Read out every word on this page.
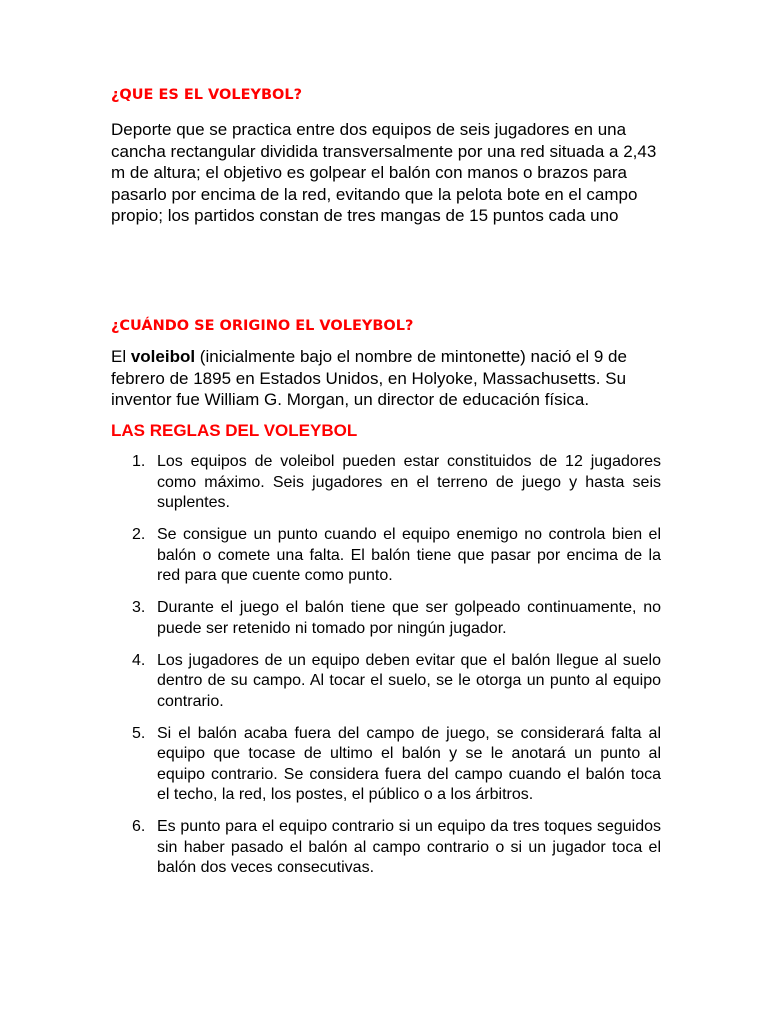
¿QUE ES EL VOLEYBOL?

Deporte que se practica entre dos equipos de seis jugadores en una cancha rectangular dividida transversalmente por una red situada a 2,43 m de altura; el objetivo es golpear el balón con manos o brazos para pasarlo por encima de la red, evitando que la pelota bote en el campo propio; los partidos constan de tres mangas de 15 puntos cada uno

¿CUÁNDO SE ORIGINO EL VOLEYBOL?

El voleibol (inicialmente bajo el nombre de mintonette) nació el 9 de febrero de 1895 en Estados Unidos, en Holyoke, Massachusetts. Su inventor fue William G. Morgan, un director de educación física.

LAS REGLAS DEL VOLEYBOL
1. Los equipos de voleibol pueden estar constituidos de 12 jugadores como máximo. Seis jugadores en el terreno de juego y hasta seis suplentes.
2. Se consigue un punto cuando el equipo enemigo no controla bien el balón o comete una falta. El balón tiene que pasar por encima de la red para que cuente como punto.
3. Durante el juego el balón tiene que ser golpeado continuamente, no puede ser retenido ni tomado por ningún jugador.
4. Los jugadores de un equipo deben evitar que el balón llegue al suelo dentro de su campo. Al tocar el suelo, se le otorga un punto al equipo contrario.
5. Si el balón acaba fuera del campo de juego, se considerará falta al equipo que tocase de ultimo el balón y se le anotará un punto al equipo contrario. Se considera fuera del campo cuando el balón toca el techo, la red, los postes, el público o a los árbitros.
6. Es punto para el equipo contrario si un equipo da tres toques seguidos sin haber pasado el balón al campo contrario o si un jugador toca el balón dos veces consecutivas.
